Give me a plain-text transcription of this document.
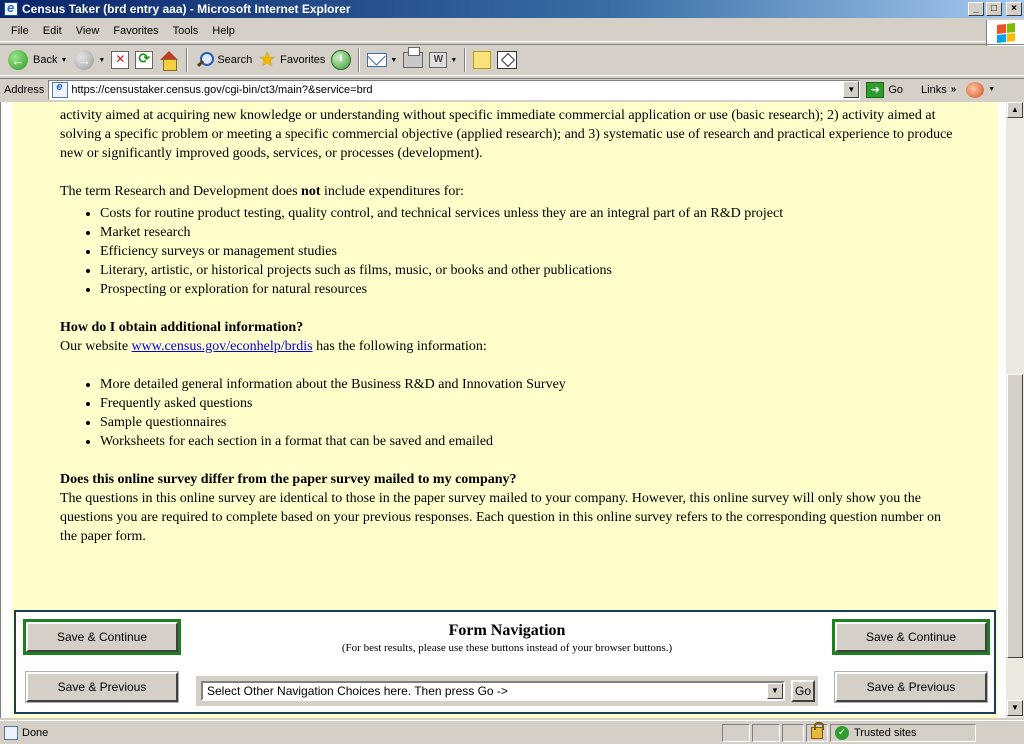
e
Census Taker (brd entry aaa) - Microsoft Internet Explorer	_	□	×
File	Edit	View	Favorites	Tools	Help
← Back ▼ →	▼ ✕ ⟳	Search ★ Favorites	▼	W	▼
Address e https://censustaker.census.gov/cgi-bin/ct3/main?&service=brd	▼	➜ Go Links »	▼
activity aimed at acquiring new knowledge or understanding without specific immediate commercial application or use (basic research); 2) activity aimed at solving a specific problem or meeting a specific commercial objective (applied research); and 3) systematic use of research and practical experience to produce new or significantly improved goods, services, or processes (development).
The term Research and Development does not include expenditures for:
• Costs for routine product testing, quality control, and technical services unless they are an integral part of an R&D project
• Market research
• Efficiency surveys or management studies
• Literary, artistic, or historical projects such as films, music, or books and other publications
• Prospecting or exploration for natural resources
How do I obtain additional information?
Our website www.census.gov/econhelp/brdis has the following information:
• More detailed general information about the Business R&D and Innovation Survey
• Frequently asked questions
• Sample questionnaires
• Worksheets for each section in a format that can be saved and emailed
Does this online survey differ from the paper survey mailed to my company?
The questions in this online survey are identical to those in the paper survey mailed to your company. However, this online survey will only show you the questions you are required to complete based on your previous responses. Each question in this online survey refers to the corresponding question number on the paper form.
Form Navigation
(For best results, please use these buttons instead of your browser buttons.)
Save & Continue
Save & Previous
Save & Continue
Save & Previous
Select Other Navigation Choices here. Then press Go ->	▼	Go
▲
▼
Done	✓ Trusted sites
